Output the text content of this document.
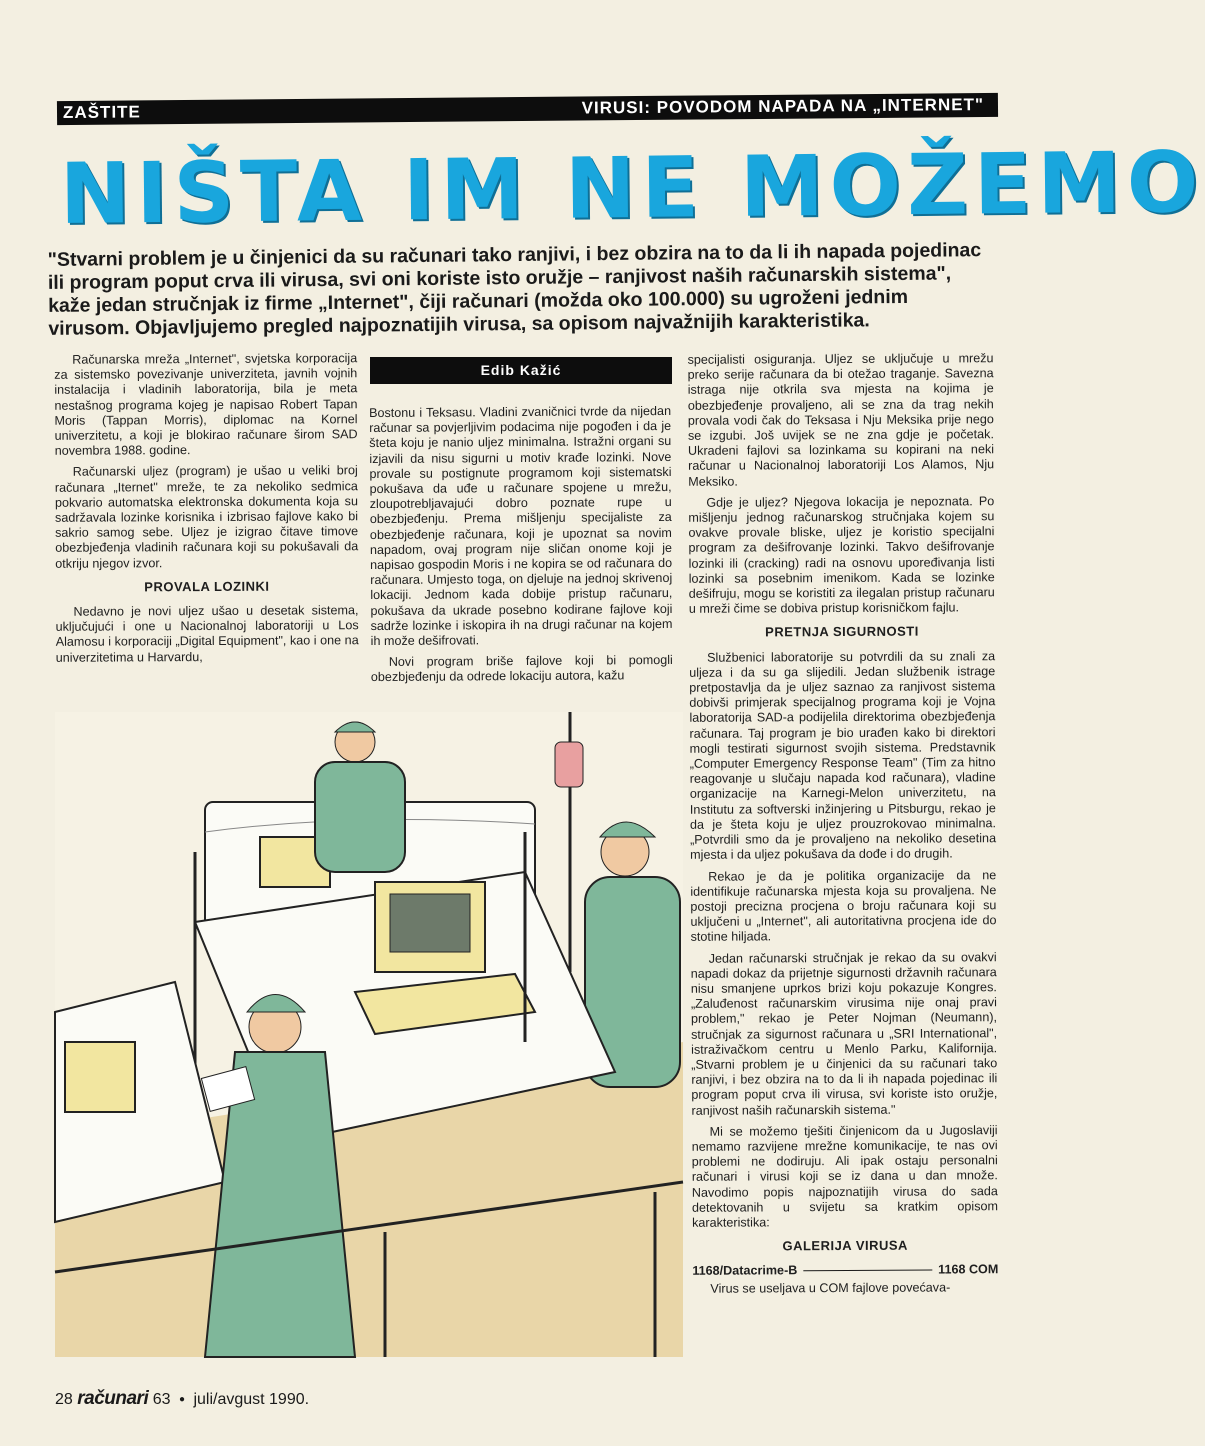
ZAŠTITE	VIRUSI: POVODOM NAPADA NA „INTERNET"
NIŠTA IM NE MOŽEMO
"Stvarni problem je u činjenici da su računari tako ranjivi, i bez obzira na to da li ih napada pojedinac ili program poput crva ili virusa, svi oni koriste isto oružje – ranjivost naših računarskih sistema", kaže jedan stručnjak iz firme „Internet", čiji računari (možda oko 100.000) su ugroženi jednim virusom. Objavljujemo pregled najpoznatijih virusa, sa opisom najvažnijih karakteristika.

Računarska mreža „Internet", svjetska korporacija za sistemsko povezivanje univerziteta, javnih vojnih instalacija i vladinih laboratorija, bila je meta nestašnog programa kojeg je napisao Robert Tapan Moris (Tappan Morris), diplomac na Kornel univerzitetu, a koji je blokirao računare širom SAD novembra 1988. godine.

Računarski uljez (program) je ušao u veliki broj računara „Iternet" mreže, te za nekoliko sedmica pokvario automatska elektronska dokumenta koja su sadržavala lozinke korisnika i izbrisao fajlove kako bi sakrio samog sebe. Uljez je izigrao čitave timove obezbjeđenja vladinih računara koji su pokušavali da otkriju njegov izvor.

PROVALA LOZINKI

Nedavno je novi uljez ušao u desetak sistema, uključujući i one u Nacionalnoj laboratoriji u Los Alamosu i korporaciji „Digital Equipment", kao i one na univerzitetima u Harvardu,

Edib Kažić

Bostonu i Teksasu. Vladini zvaničnici tvrde da nijedan računar sa povjerljivim podacima nije pogođen i da je šteta koju je nanio uljez minimalna. Istražni organi su izjavili da nisu sigurni u motiv krađe lozinki. Nove provale su postignute programom koji sistematski pokušava da uđe u računare spojene u mrežu, zloupotrebljavajući dobro poznate rupe u obezbjeđenju. Prema mišljenju specijaliste za obezbjeđenje računara, koji je upoznat sa novim napadom, ovaj program nije sličan onome koji je napisao gospodin Moris i ne kopira se od računara do računara. Umjesto toga, on djeluje na jednoj skrivenoj lokaciji. Jednom kada dobije pristup računaru, pokušava da ukrade posebno kodirane fajlove koji sadrže lozinke i iskopira ih na drugi računar na kojem ih može dešifrovati.

Novi program briše fajlove koji bi pomogli obezbjeđenju da odrede lokaciju autora, kažu

specijalisti osiguranja. Uljez se uključuje u mrežu preko serije računara da bi otežao traganje. Savezna istraga nije otkrila sva mjesta na kojima je obezbjeđenje provaljeno, ali se zna da trag nekih provala vodi čak do Teksasa i Nju Meksika prije nego se izgubi. Još uvijek se ne zna gdje je početak. Ukradeni fajlovi sa lozinkama su kopirani na neki računar u Nacionalnoj laboratoriji Los Alamos, Nju Meksiko.

Gdje je uljez? Njegova lokacija je nepoznata. Po mišljenju jednog računarskog stručnjaka kojem su ovakve provale bliske, uljez je koristio specijalni program za dešifrovanje lozinki. Takvo dešifrovanje lozinki ili (cracking) radi na osnovu upoređivanja listi lozinki sa posebnim imenikom. Kada se lozinke dešifruju, mogu se koristiti za ilegalan pristup računaru u mreži čime se dobiva pristup korisničkom fajlu.

PRETNJA SIGURNOSTI

Službenici laboratorije su potvrdili da su znali za uljeza i da su ga slijedili. Jedan službenik istrage pretpostavlja da je uljez saznao za ranjivost sistema dobivši primjerak specijalnog programa koji je Vojna laboratorija SAD-a podijelila direktorima obezbjeđenja računara. Taj program je bio urađen kako bi direktori mogli testirati sigurnost svojih sistema. Predstavnik „Computer Emergency Response Team" (Tim za hitno reagovanje u slučaju napada kod računara), vladine organizacije na Karnegi-Melon univerzitetu, na Institutu za softverski inžinjering u Pitsburgu, rekao je da je šteta koju je uljez prouzrokovao minimalna. „Potvrdili smo da je provaljeno na nekoliko desetina mjesta i da uljez pokušava da dođe i do drugih.

Rekao je da je politika organizacije da ne identifikuje računarska mjesta koja su provaljena. Ne postoji precizna procjena o broju računara koji su uključeni u „Internet", ali autoritativna procjena ide do stotine hiljada.

Jedan računarski stručnjak je rekao da su ovakvi napadi dokaz da prijetnje sigurnosti državnih računara nisu smanjene uprkos brizi koju pokazuje Kongres. „Zaluđenost računarskim virusima nije onaj pravi problem," rekao je Peter Nojman (Neumann), stručnjak za sigurnost računara u „SRI International", istraživačkom centru u Menlo Parku, Kalifornija. „Stvarni problem je u činjenici da su računari tako ranjivi, i bez obzira na to da li ih napada pojedinac ili program poput crva ili virusa, svi koriste isto oružje, ranjivost naših računarskih sistema."

Mi se možemo tješiti činjenicom da u Jugoslaviji nemamo razvijene mrežne komunikacije, te nas ovi problemi ne dodiruju. Ali ipak ostaju personalni računari i virusi koji se iz dana u dan množe. Navodimo popis najpoznatijih virusa do sada detektovanih u svijetu sa kratkim opisom karakteristika:

GALERIJA VIRUSA
1168/Datacrime-B	1168 COM

Virus se useljava u COM fajlove povećava-

28 računari 63 ● juli/avgust 1990.
